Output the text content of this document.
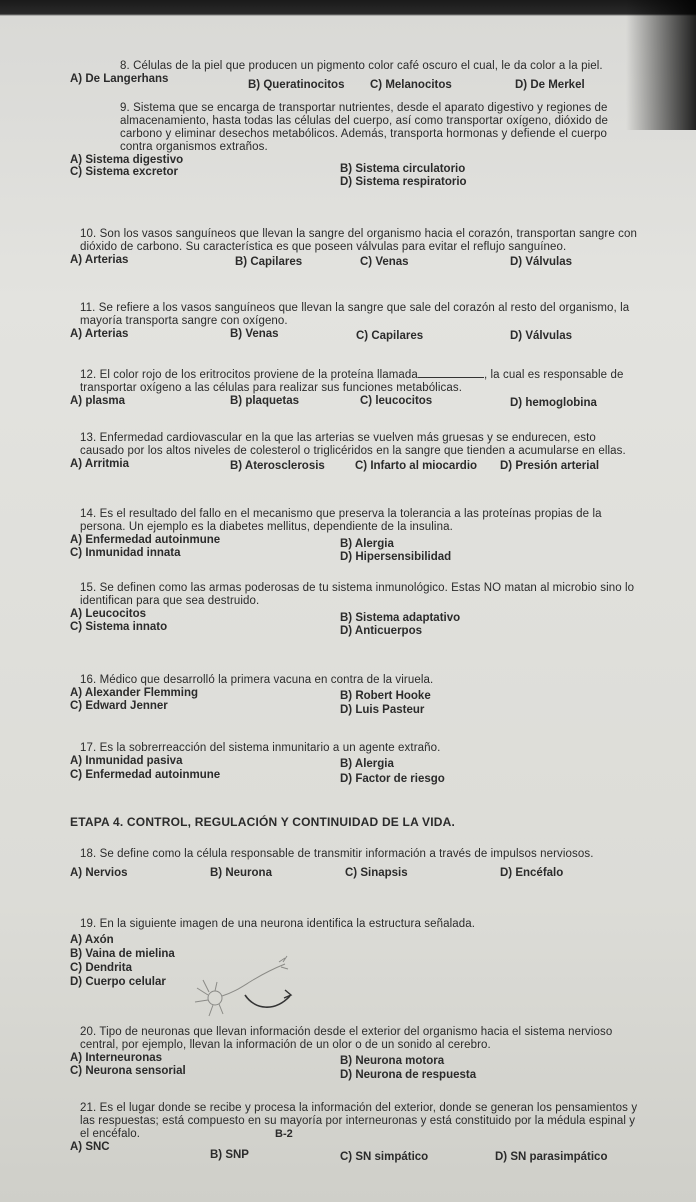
8. Células de la piel que producen un pigmento color café oscuro el cual, le da color a la piel.

A) De Langerhans	B) Queratinocitos C) Melanocitos	D) De Merkel

9. Sistema que se encarga de transportar nutrientes, desde el aparato digestivo y regiones de almacenamiento, hasta todas las células del cuerpo, así como transportar oxígeno, dióxido de carbono y eliminar desechos metabólicos. Además, transporta hormonas y defiende el cuerpo contra organismos extraños.

A) Sistema digestivo
B) Sistema circulatorio
C) Sistema excretor
D) Sistema respiratorio

10. Son los vasos sanguíneos que llevan la sangre del organismo hacia el corazón, transportan sangre con dióxido de carbono. Su característica es que poseen válvulas para evitar el reflujo sanguíneo.

A) Arterias	B) Capilares	C) Venas	D) Válvulas

11. Se refiere a los vasos sanguíneos que llevan la sangre que sale del corazón al resto del organismo, la mayoría transporta sangre con oxígeno.

A) Arterias	B) Venas	C) Capilares	D) Válvulas

12. El color rojo de los eritrocitos proviene de la proteína llamada	, la cual es responsable de transportar oxígeno a las células para realizar sus funciones metabólicas.

A) plasma	B) plaquetas	C) leucocitos	D) hemoglobina

13. Enfermedad cardiovascular en la que las arterias se vuelven más gruesas y se endurecen, esto causado por los altos niveles de colesterol o triglicéridos en la sangre que tienden a acumularse en ellas.

A) Arritmia	B) Aterosclerosis	C) Infarto al miocardio D) Presión arterial

14. Es el resultado del fallo en el mecanismo que preserva la tolerancia a las proteínas propias de la persona. Un ejemplo es la diabetes mellitus, dependiente de la insulina.

A) Enfermedad autoinmune	B) Alergia
C) Inmunidad innata	D) Hipersensibilidad

15. Se definen como las armas poderosas de tu sistema inmunológico. Estas NO matan al microbio sino lo identifican para que sea destruido.

A) Leucocitos	B) Sistema adaptativo
C) Sistema innato	D) Anticuerpos

16. Médico que desarrolló la primera vacuna en contra de la viruela.

A) Alexander Flemming	B) Robert Hooke
C) Edward Jenner	D) Luis Pasteur

17. Es la sobrerreacción del sistema inmunitario a un agente extraño.

A) Inmunidad pasiva	B) Alergia
C) Enfermedad autoinmune	D) Factor de riesgo
ETAPA 4. CONTROL, REGULACIÓN Y CONTINUIDAD DE LA VIDA.

18. Se define como la célula responsable de transmitir información a través de impulsos nerviosos.

A) Nervios	B) Neurona	C) Sinapsis	D) Encéfalo

19. En la siguiente imagen de una neurona identifica la estructura señalada.

A) Axón
B) Vaina de mielina
C) Dendrita
D) Cuerpo celular

20. Tipo de neuronas que llevan información desde el exterior del organismo hacia el sistema nervioso central, por ejemplo, llevan la información de un olor o de un sonido al cerebro.

A) Interneuronas	B) Neurona motora
C) Neurona sensorial	D) Neurona de respuesta

21. Es el lugar donde se recibe y procesa la información del exterior, donde se generan los pensamientos y las respuestas; está compuesto en su mayoría por interneuronas y está constituido por la médula espinal y el encéfalo.

A) SNC
B) SNP	C) SN simpático	D) SN parasimpático
B-2
